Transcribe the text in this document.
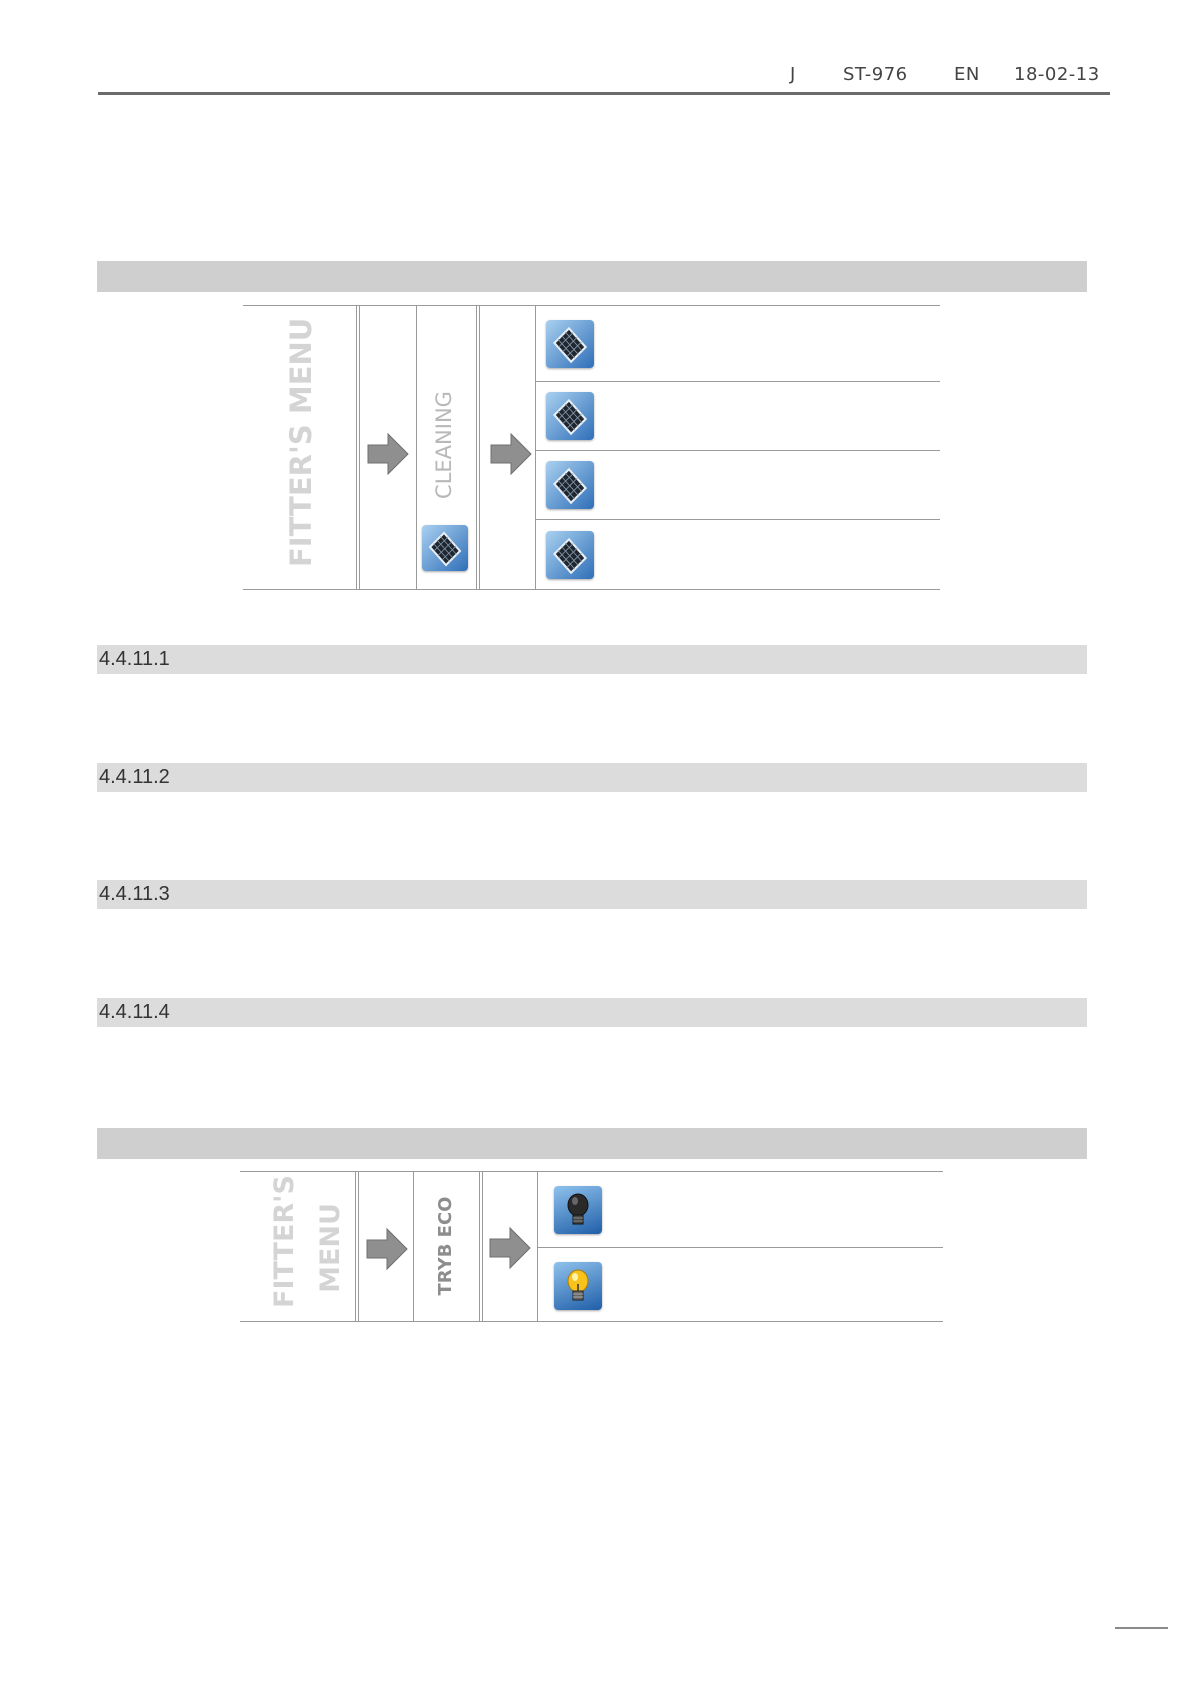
J	ST-976	EN 18-02-13
FITTER'S MENU	CLEANING
4.4.11.1
4.4.11.2
4.4.11.3
4.4.11.4
FITTER'S MENU	TRYB ECO
